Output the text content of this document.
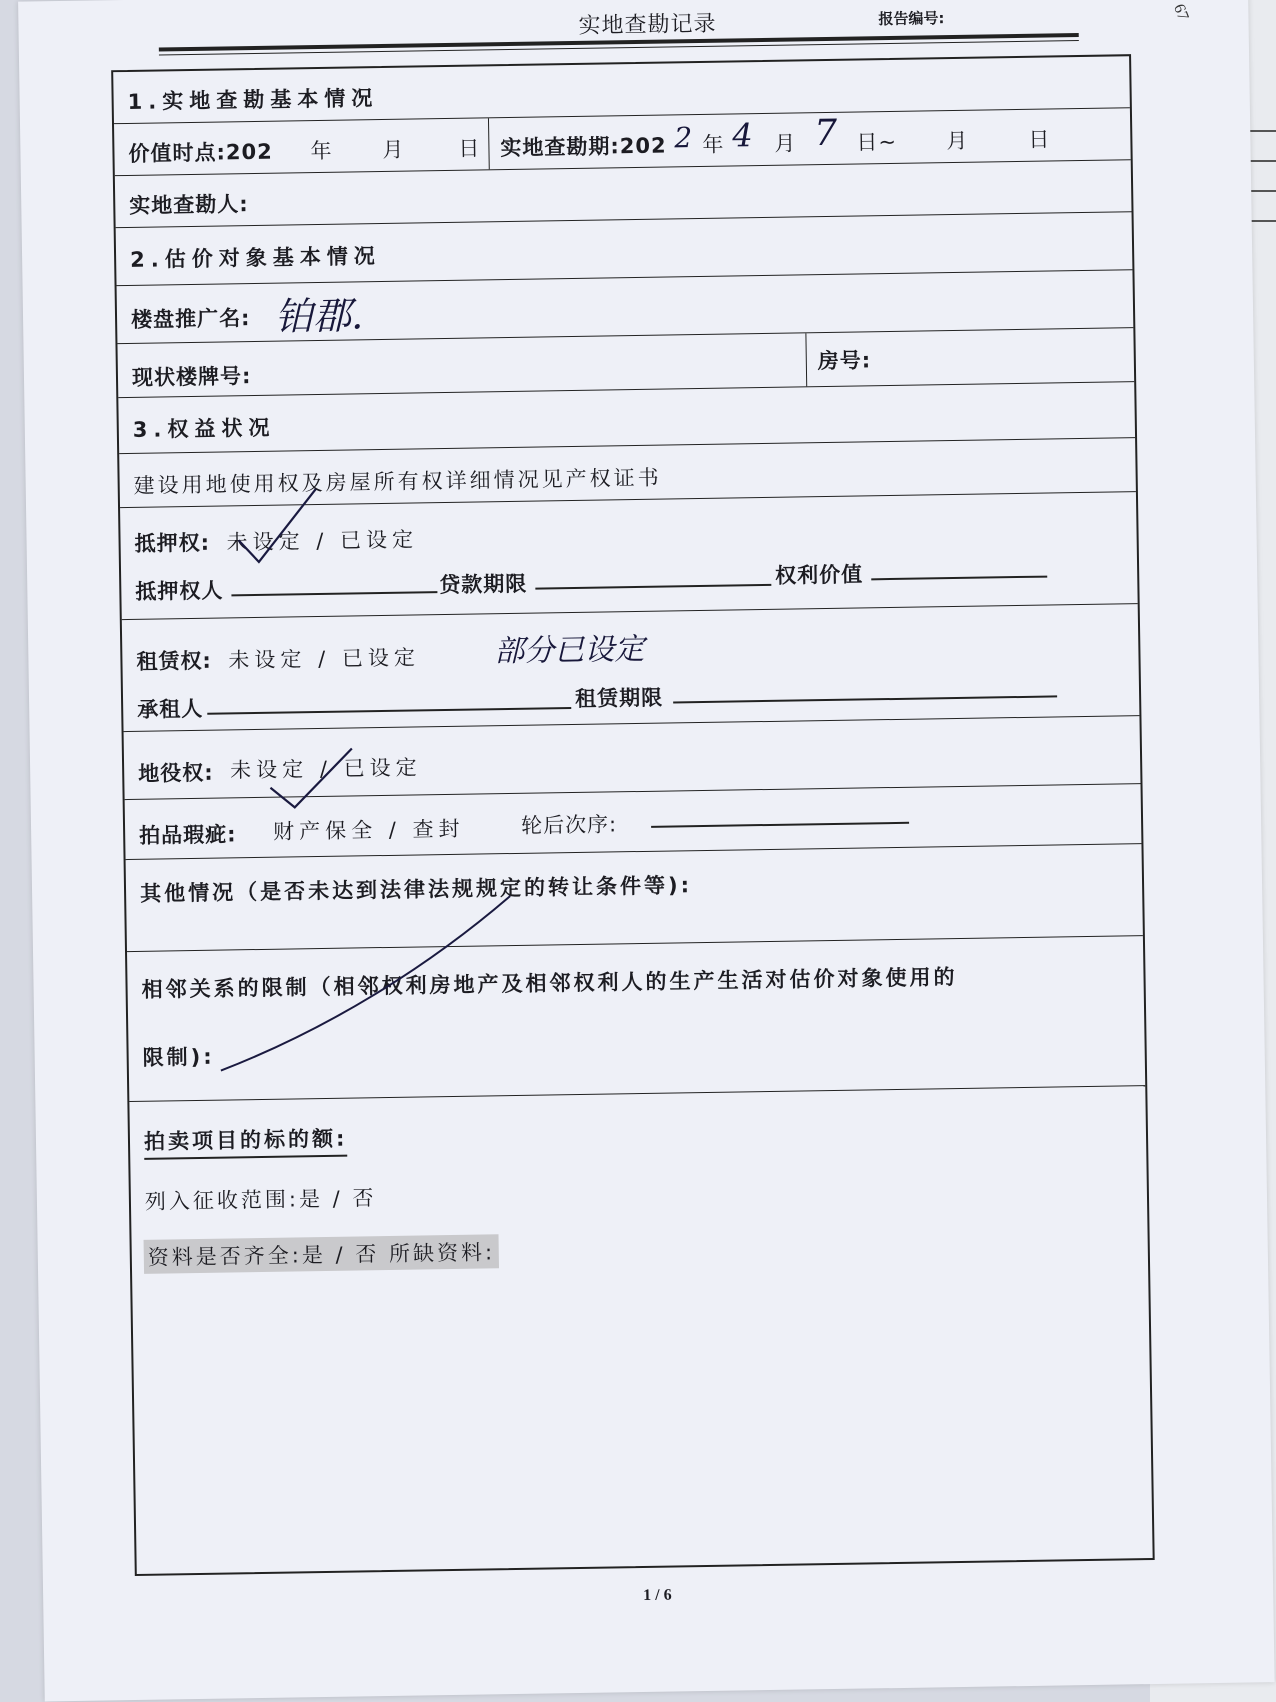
67
实地查勘记录	报告编号:
1.实地查勘基本情况
价值时点:202 年 月	日 实地查勘期:202 2 年 4 月 7 日~ 月	日
实地查勘人:
2.估价对象基本情况
楼盘推广名: 铂郡.
现状楼牌号:
房号:
3.权益状况
建设用地使用权及房屋所有权详细情况见产权证书
抵押权: 未设定 / 已设定
抵押权人	贷款期限	权利价值
租赁权: 未设定 / 已设定 部分已设定
承租人	租赁期限
地役权: 未设定 / 已设定
拍品瑕疵: 财产保全 / 查封	轮后次序:
其他情况（是否未达到法律法规规定的转让条件等):
相邻关系的限制（相邻权利房地产及相邻权利人的生产生活对估价对象使用的
限制):
拍卖项目的标的额:
列入征收范围:是 / 否
资料是否齐全:是 / 否 所缺资料:
1 / 6
